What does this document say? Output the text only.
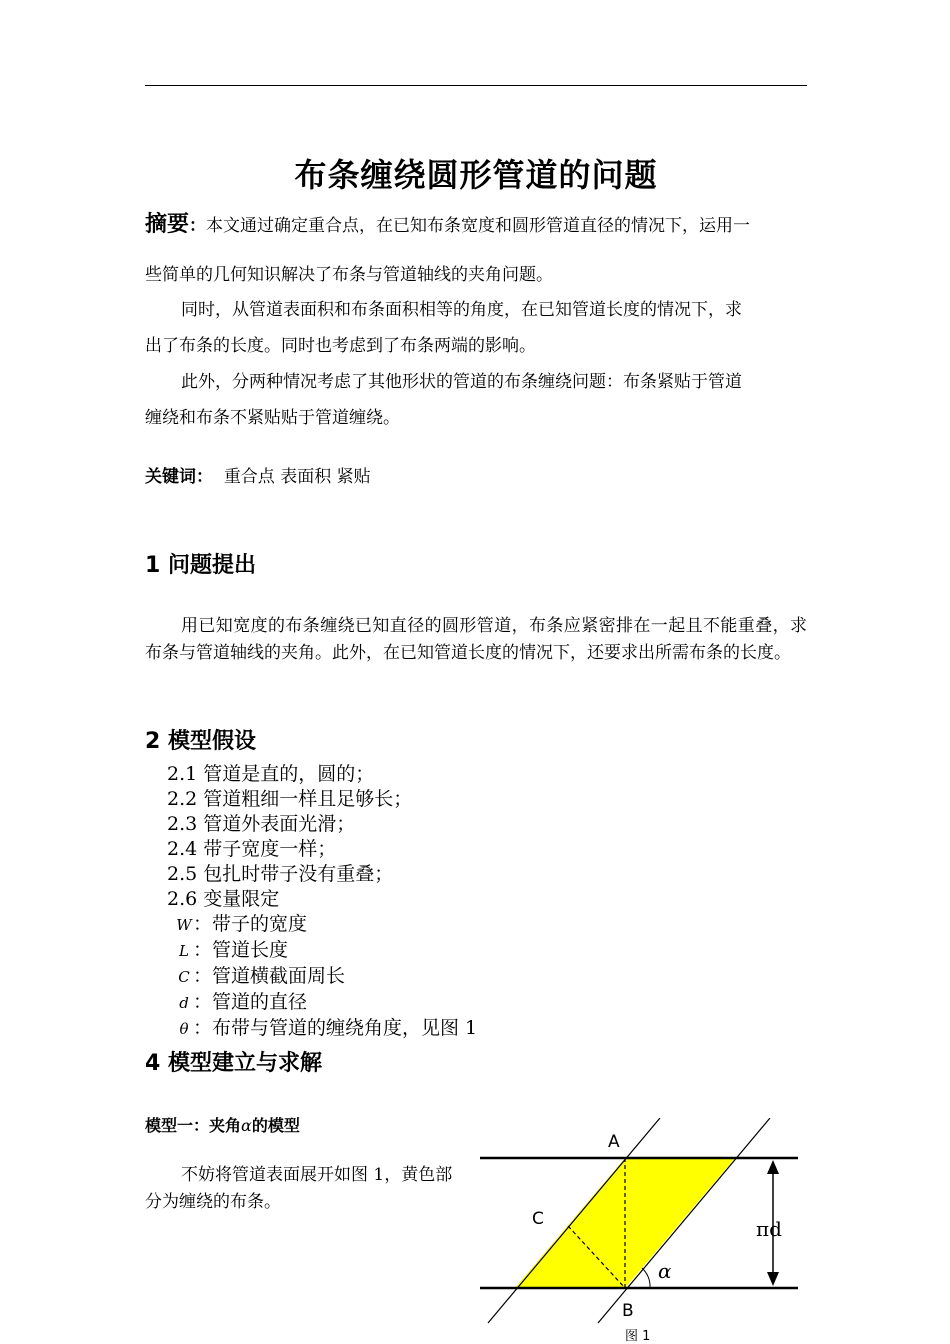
布条缠绕圆形管道的问题
摘要：本文通过确定重合点，在已知布条宽度和圆形管道直径的情况下，运用一
些简单的几何知识解决了布条与管道轴线的夹角问题。
同时，从管道表面积和布条面积相等的角度，在已知管道长度的情况下，求
出了布条的长度。同时也考虑到了布条两端的影响。
此外，分两种情况考虑了其他形状的管道的布条缠绕问题：布条紧贴于管道
缠绕和布条不紧贴贴于管道缠绕。
关键词： 重合点 表面积 紧贴
1 问题提出
用已知宽度的布条缠绕已知直径的圆形管道，布条应紧密排在一起且不能重叠，求布条与管道轴线的夹角。此外，在已知管道长度的情况下，还要求出所需布条的长度。
2 模型假设
2.1 管道是直的，圆的；
2.2 管道粗细一样且足够长；
2.3 管道外表面光滑；
2.4 带子宽度一样；
2.5 包扎时带子没有重叠；
2.6 变量限定
W：带子的宽度
L ：管道长度
C ：管道横截面周长
d ：管道的直径
θ ：布带与管道的缠绕角度，见图 1
4 模型建立与求解
模型一：夹角α的模型
不妨将管道表面展开如图 1，黄色部分为缠绕的布条。
A
B
C
α
πd
图 1
